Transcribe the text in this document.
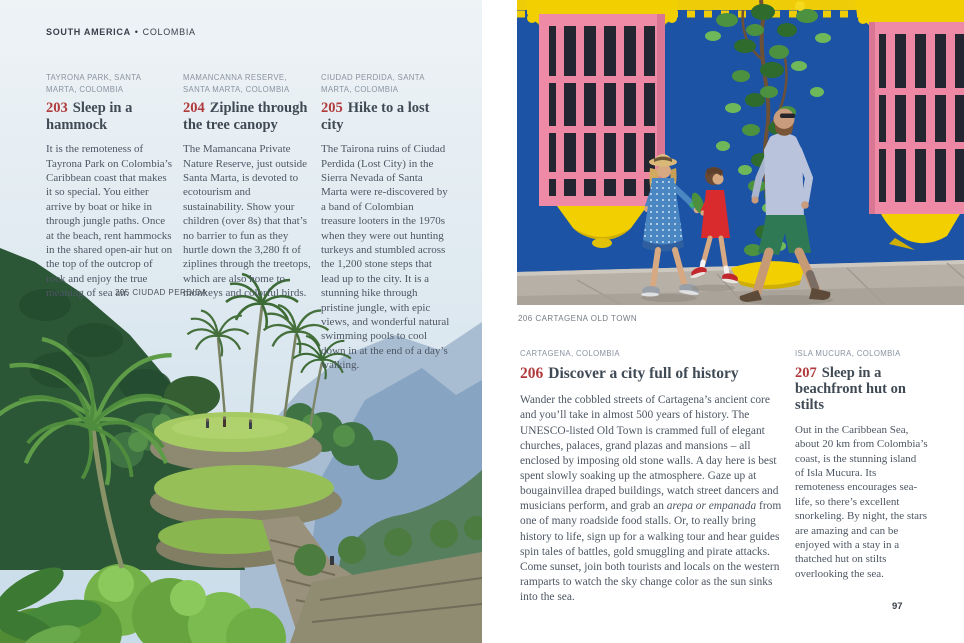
SOUTH AMERICA • COLOMBIA

TAYRONA PARK, SANTA MARTA, COLOMBIA

203 Sleep in a hammock

It is the remoteness of Tayrona Park on Colombia’s Caribbean coast that makes it so special. You either arrive by boat or hike in through jungle paths. Once at the beach, rent hammocks in the shared open-air hut on the top of the outcrop of rock and enjoy the true meaning of sea air.

MAMANCANNA RESERVE, SANTA MARTA, COLOMBIA

204 Zipline through the tree canopy

The Mamancana Private Nature Reserve, just outside Santa Marta, is devoted to ecotourism and sustainability. Show your children (over 8s) that that’s no barrier to fun as they hurtle down the 3,280 ft of ziplines through the treetops, which are also home to monkeys and colorful birds.

CIUDAD PERDIDA, SANTA MARTA, COLOMBIA

205 Hike to a lost city

The Tairona ruins of Ciudad Perdida (Lost City) in the Sierra Nevada of Santa Marta were re-discovered by a band of Colombian treasure looters in the 1970s when they were out hunting turkeys and stumbled across the 1,200 stone steps that lead up to the city. It is a stunning hike through pristine jungle, with epic views, and wonderful natural swimming pools to cool down in at the end of a day’s walking.

205 CIUDAD PERDIDA
206 CARTAGENA OLD TOWN

CARTAGENA, COLOMBIA

206 Discover a city full of history

Wander the cobbled streets of Cartagena’s ancient core and you’ll take in almost 500 years of history. The UNESCO-listed Old Town is crammed full of elegant churches, palaces, grand plazas and mansions – all enclosed by imposing old stone walls. A day here is best spent slowly soaking up the atmosphere. Gaze up at bougainvillea draped buildings, watch street dancers and musicians perform, and grab an arepa or empanada from one of many roadside food stalls. Or, to really bring history to life, sign up for a walking tour and hear guides spin tales of battles, gold smuggling and pirate attacks. Come sunset, join both tourists and locals on the western ramparts to watch the sky change color as the sun sinks into the sea.

ISLA MUCURA, COLOMBIA

207 Sleep in a beachfront hut on stilts

Out in the Caribbean Sea, about 20 km from Colombia’s coast, is the stunning island of Isla Mucura. Its remoteness encourages sea-life, so there’s excellent snorkeling. By night, the stars are amazing and can be enjoyed with a stay in a thatched hut on stilts overlooking the sea.

97
